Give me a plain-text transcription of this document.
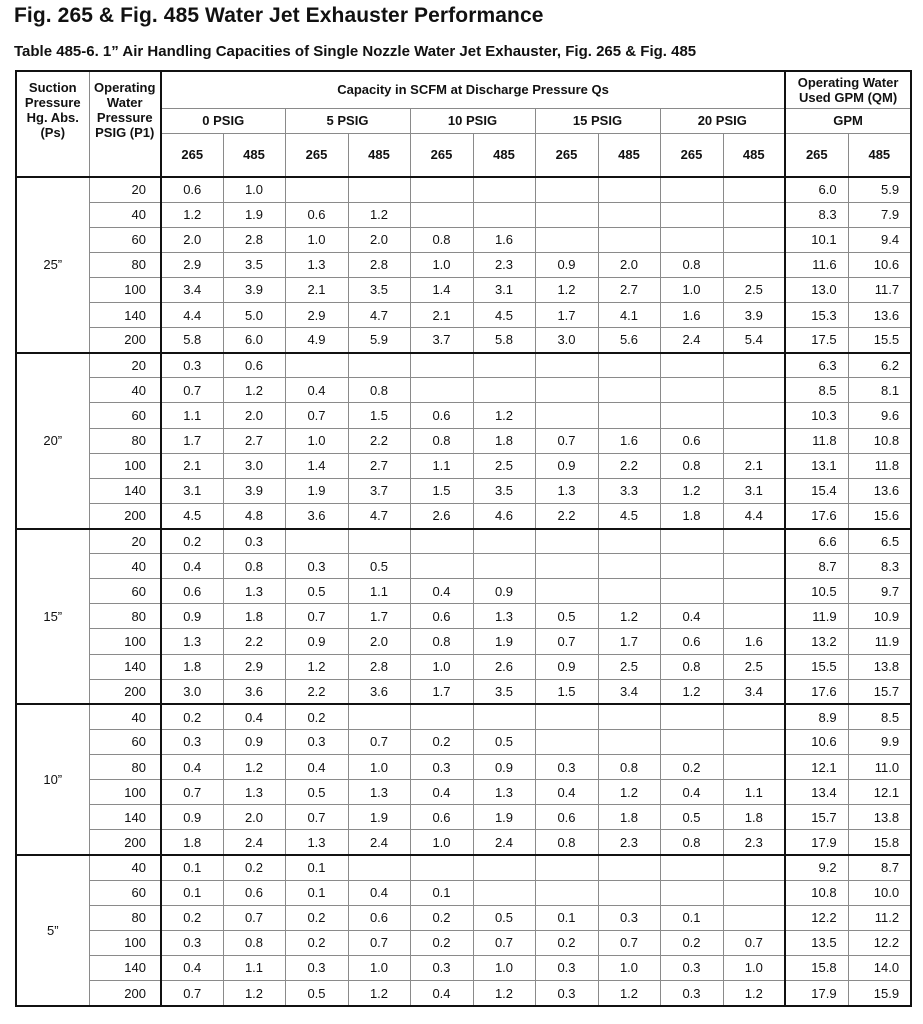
Fig. 265 & Fig. 485 Water Jet Exhauster Performance
Table 485-6. 1” Air Handling Capacities of Single Nozzle Water Jet Exhauster, Fig. 265 & Fig. 485
Suction Pressure Hg. Abs. (Ps)	Operating Water Pressure PSIG (P1)	Capacity in SCFM at Discharge Pressure Qs										Operating Water Used GPM (QM)	
		0 PSIG		5 PSIG		10 PSIG		15 PSIG		20 PSIG		GPM	
		265	485	265	485	265	485	265	485	265	485	265	485
25”	20	0.6	1.0									6.0	5.9
	40	1.2	1.9	0.6	1.2							8.3	7.9
	60	2.0	2.8	1.0	2.0	0.8	1.6					10.1	9.4
	80	2.9	3.5	1.3	2.8	1.0	2.3	0.9	2.0	0.8		11.6	10.6
	100	3.4	3.9	2.1	3.5	1.4	3.1	1.2	2.7	1.0	2.5	13.0	11.7
	140	4.4	5.0	2.9	4.7	2.1	4.5	1.7	4.1	1.6	3.9	15.3	13.6
	200	5.8	6.0	4.9	5.9	3.7	5.8	3.0	5.6	2.4	5.4	17.5	15.5
20”	20	0.3	0.6									6.3	6.2
	40	0.7	1.2	0.4	0.8							8.5	8.1
	60	1.1	2.0	0.7	1.5	0.6	1.2					10.3	9.6
	80	1.7	2.7	1.0	2.2	0.8	1.8	0.7	1.6	0.6		11.8	10.8
	100	2.1	3.0	1.4	2.7	1.1	2.5	0.9	2.2	0.8	2.1	13.1	11.8
	140	3.1	3.9	1.9	3.7	1.5	3.5	1.3	3.3	1.2	3.1	15.4	13.6
	200	4.5	4.8	3.6	4.7	2.6	4.6	2.2	4.5	1.8	4.4	17.6	15.6
15”	20	0.2	0.3									6.6	6.5
	40	0.4	0.8	0.3	0.5							8.7	8.3
	60	0.6	1.3	0.5	1.1	0.4	0.9					10.5	9.7
	80	0.9	1.8	0.7	1.7	0.6	1.3	0.5	1.2	0.4		11.9	10.9
	100	1.3	2.2	0.9	2.0	0.8	1.9	0.7	1.7	0.6	1.6	13.2	11.9
	140	1.8	2.9	1.2	2.8	1.0	2.6	0.9	2.5	0.8	2.5	15.5	13.8
	200	3.0	3.6	2.2	3.6	1.7	3.5	1.5	3.4	1.2	3.4	17.6	15.7
10”	40	0.2	0.4	0.2								8.9	8.5
	60	0.3	0.9	0.3	0.7	0.2	0.5					10.6	9.9
	80	0.4	1.2	0.4	1.0	0.3	0.9	0.3	0.8	0.2		12.1	11.0
	100	0.7	1.3	0.5	1.3	0.4	1.3	0.4	1.2	0.4	1.1	13.4	12.1
	140	0.9	2.0	0.7	1.9	0.6	1.9	0.6	1.8	0.5	1.8	15.7	13.8
	200	1.8	2.4	1.3	2.4	1.0	2.4	0.8	2.3	0.8	2.3	17.9	15.8
5”	40	0.1	0.2	0.1								9.2	8.7
	60	0.1	0.6	0.1	0.4	0.1						10.8	10.0
	80	0.2	0.7	0.2	0.6	0.2	0.5	0.1	0.3	0.1		12.2	11.2
	100	0.3	0.8	0.2	0.7	0.2	0.7	0.2	0.7	0.2	0.7	13.5	12.2
	140	0.4	1.1	0.3	1.0	0.3	1.0	0.3	1.0	0.3	1.0	15.8	14.0
	200	0.7	1.2	0.5	1.2	0.4	1.2	0.3	1.2	0.3	1.2	17.9	15.9
